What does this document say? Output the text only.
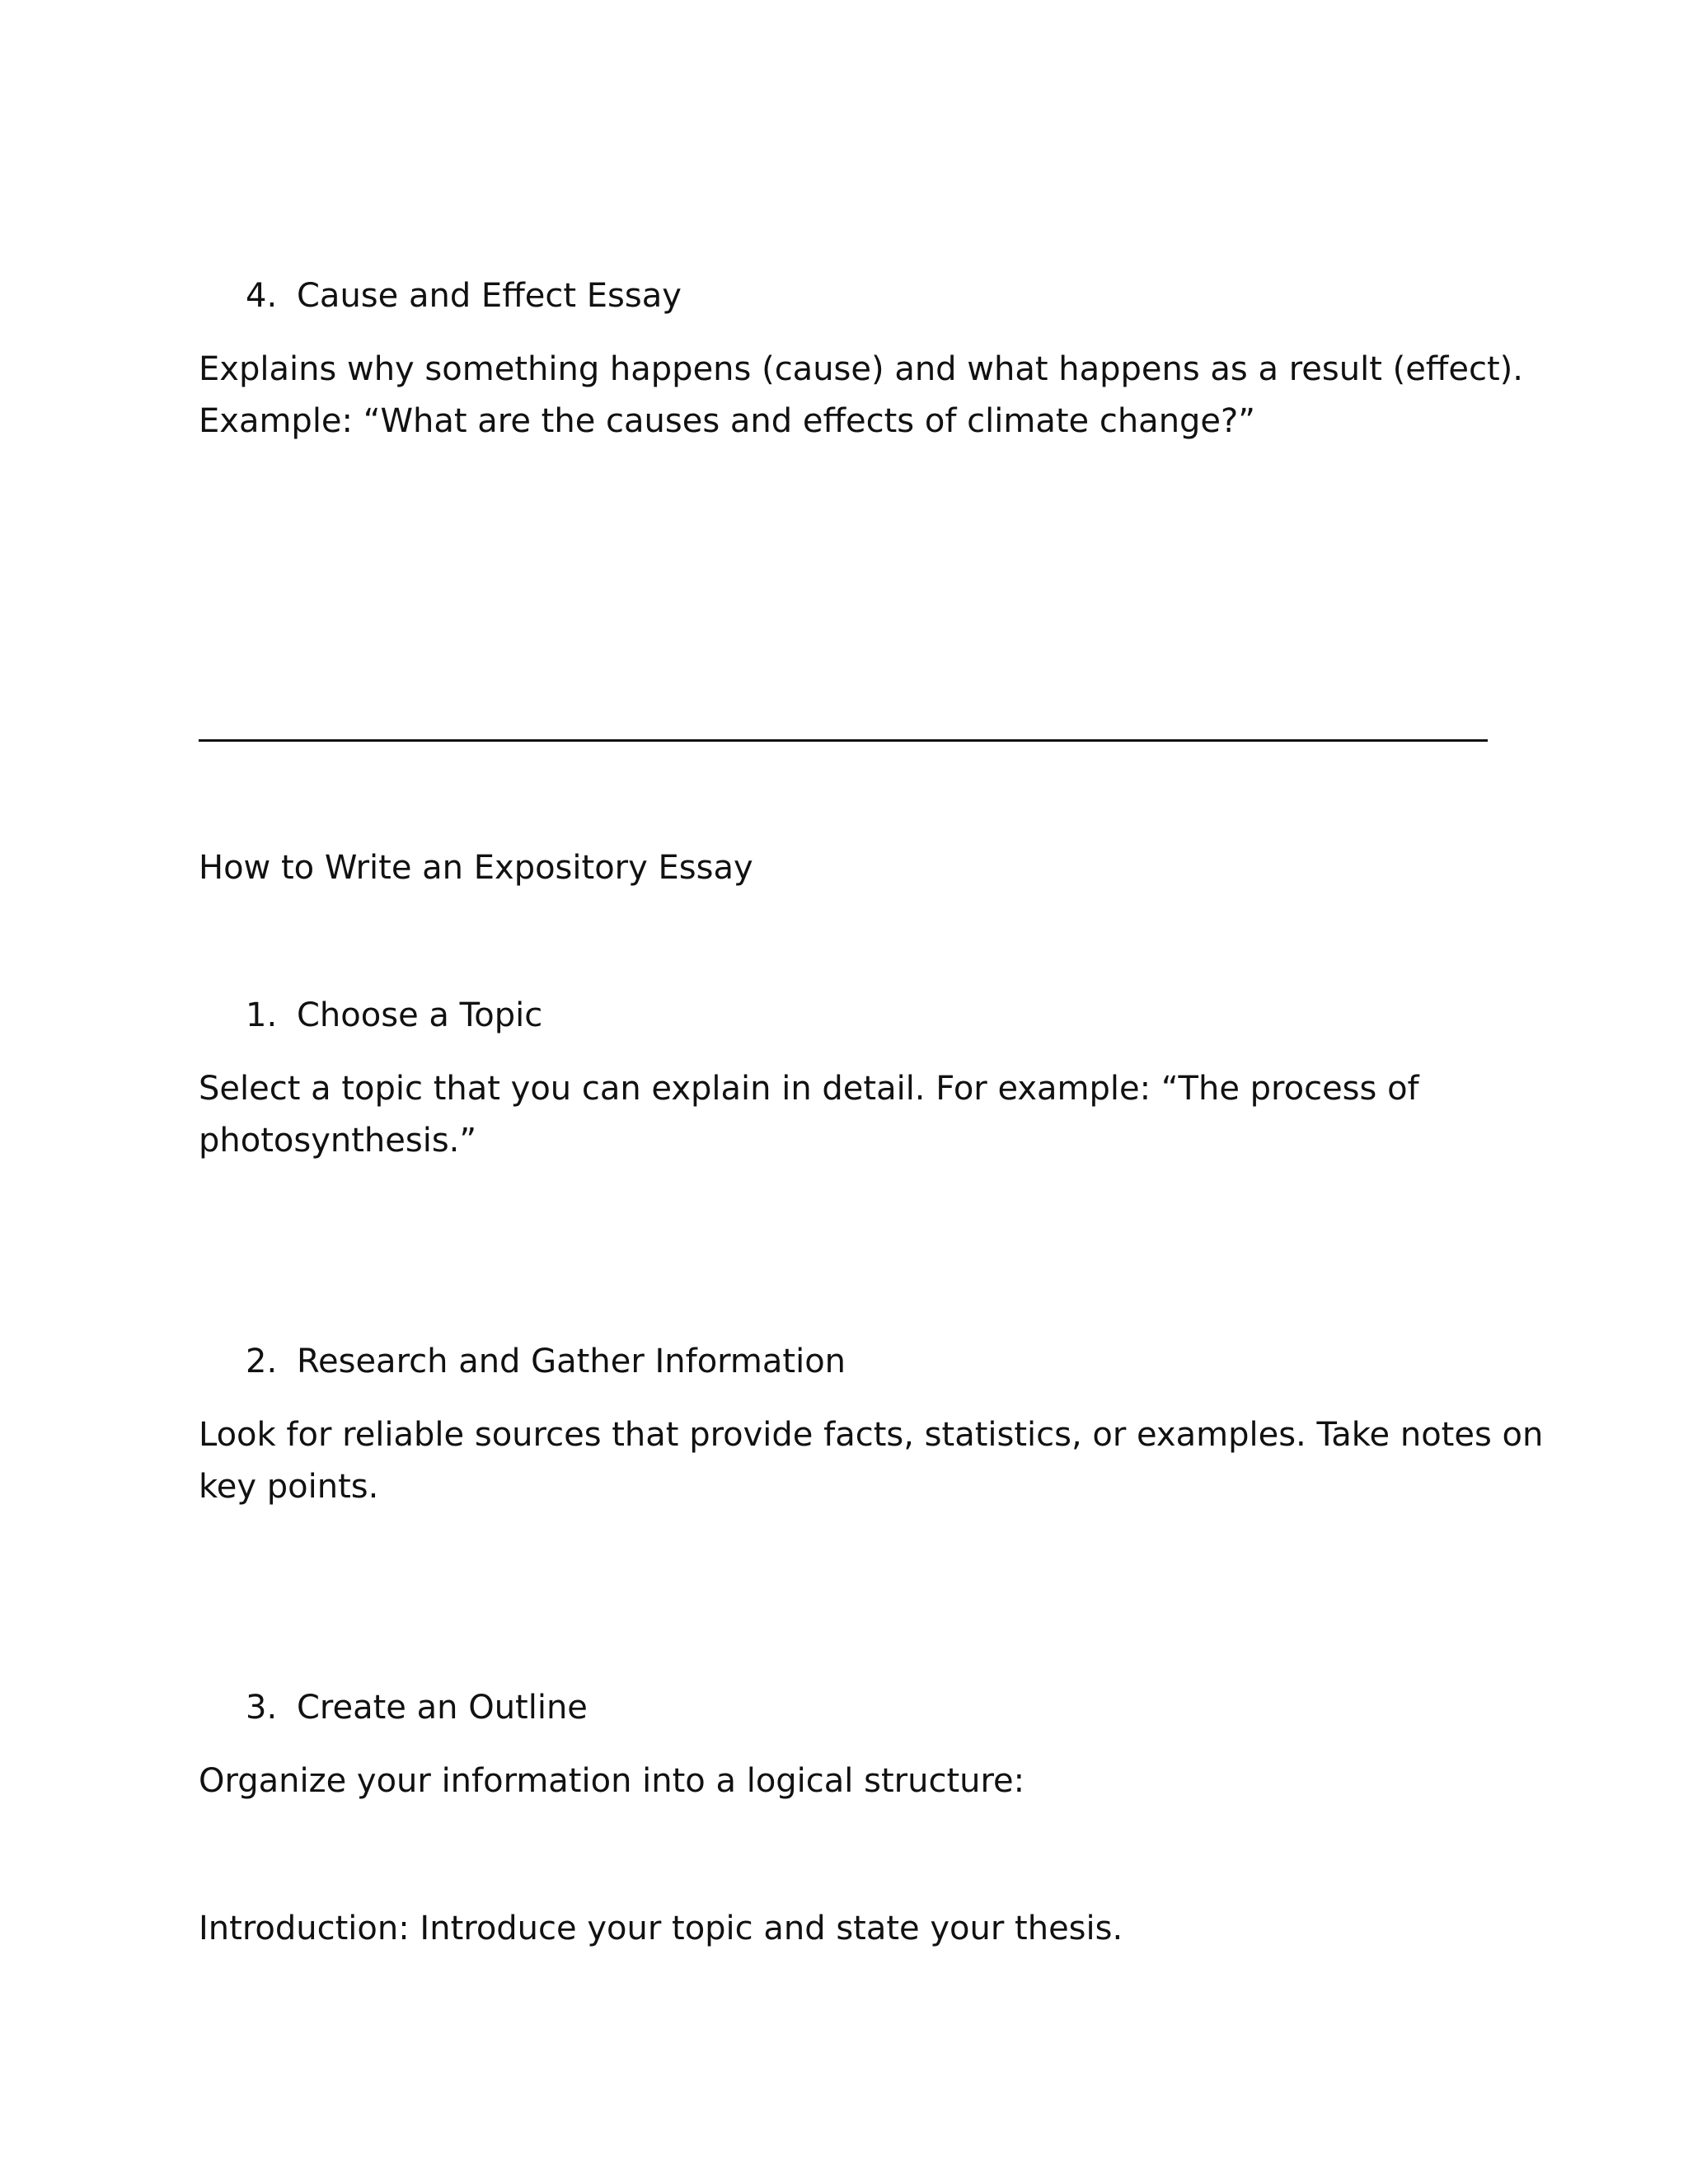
4. Cause and Effect Essay

Explains why something happens (cause) and what happens as a result (effect).

Example: “What are the causes and effects of climate change?”

How to Write an Expository Essay
1. Choose a Topic

Select a topic that you can explain in detail. For example: “The process of

photosynthesis.”

2. Research and Gather Information

Look for reliable sources that provide facts, statistics, or examples. Take notes on

key points.

3. Create an Outline

Organize your information into a logical structure:

Introduction: Introduce your topic and state your thesis.
